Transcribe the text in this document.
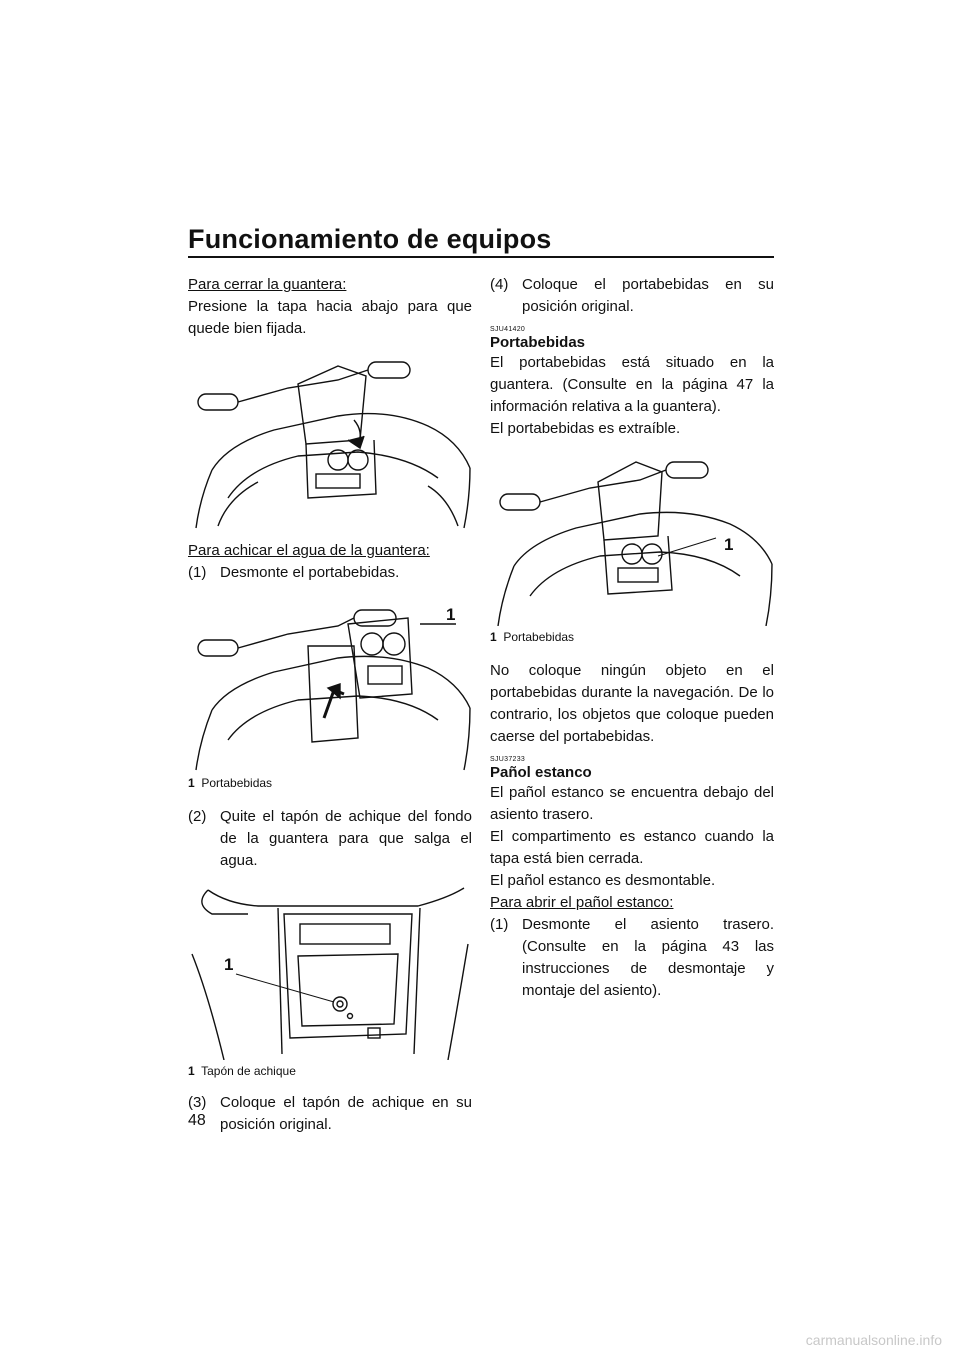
Funcionamiento de equipos

Para cerrar la guantera:

Presione la tapa hacia abajo para que quede bien fijada.

Para achicar el agua de la guantera:

(1) Desmonte el portabebidas.
1

1 Portabebidas

(2) Quite el tapón de achique del fondo de la guantera para que salga el agua.
1

1 Tapón de achique

(3) Coloque el tapón de achique en su posición original.
(4) Coloque el portabebidas en su posición original.
SJU41420

Portabebidas

El portabebidas está situado en la guantera. (Consulte en la página 47 la información relativa a la guantera).

El portabebidas es extraíble.

1

1 Portabebidas

No coloque ningún objeto en el portabebidas durante la navegación. De lo contrario, los objetos que coloque pueden caerse del portabebidas.

SJU37233

Pañol estanco

El pañol estanco se encuentra debajo del asiento trasero.

El compartimento es estanco cuando la tapa está bien cerrada.

El pañol estanco es desmontable.

Para abrir el pañol estanco:

(1) Desmonte el asiento trasero. (Consulte en la página 43 las instrucciones de desmontaje y montaje del asiento).
48
carmanualsonline.info
